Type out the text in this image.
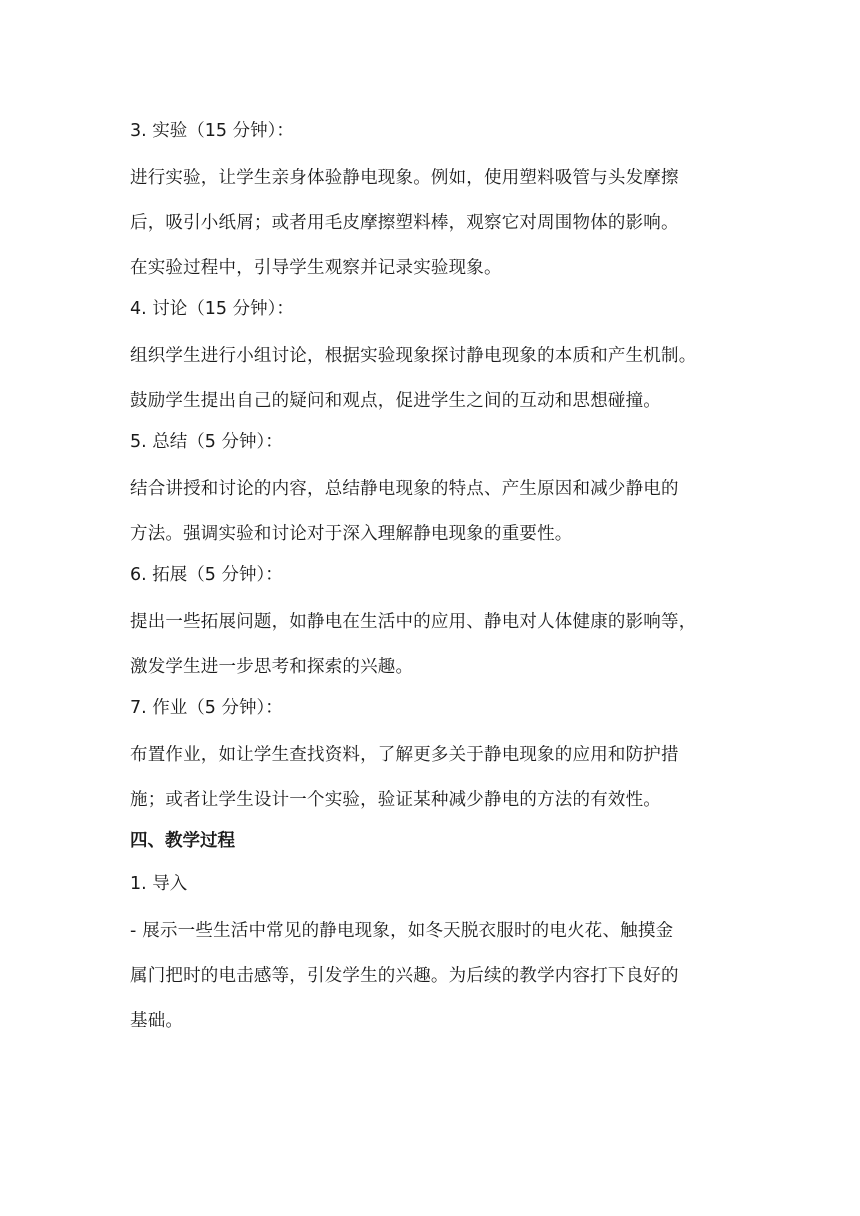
3. 实验（15 分钟）：
进行实验，让学生亲身体验静电现象。例如，使用塑料吸管与头发摩擦
后，吸引小纸屑；或者用毛皮摩擦塑料棒，观察它对周围物体的影响。
在实验过程中，引导学生观察并记录实验现象。
4. 讨论（15 分钟）：
组织学生进行小组讨论，根据实验现象探讨静电现象的本质和产生机制。
鼓励学生提出自己的疑问和观点，促进学生之间的互动和思想碰撞。
5. 总结（5 分钟）：
结合讲授和讨论的内容，总结静电现象的特点、产生原因和减少静电的
方法。强调实验和讨论对于深入理解静电现象的重要性。
6. 拓展（5 分钟）：
提出一些拓展问题，如静电在生活中的应用、静电对人体健康的影响等，
激发学生进一步思考和探索的兴趣。
7. 作业（5 分钟）：
布置作业，如让学生查找资料，了解更多关于静电现象的应用和防护措
施；或者让学生设计一个实验，验证某种减少静电的方法的有效性。
四、教学过程
1. 导入
- 展示一些生活中常见的静电现象，如冬天脱衣服时的电火花、触摸金
属门把时的电击感等，引发学生的兴趣。为后续的教学内容打下良好的
基础。
